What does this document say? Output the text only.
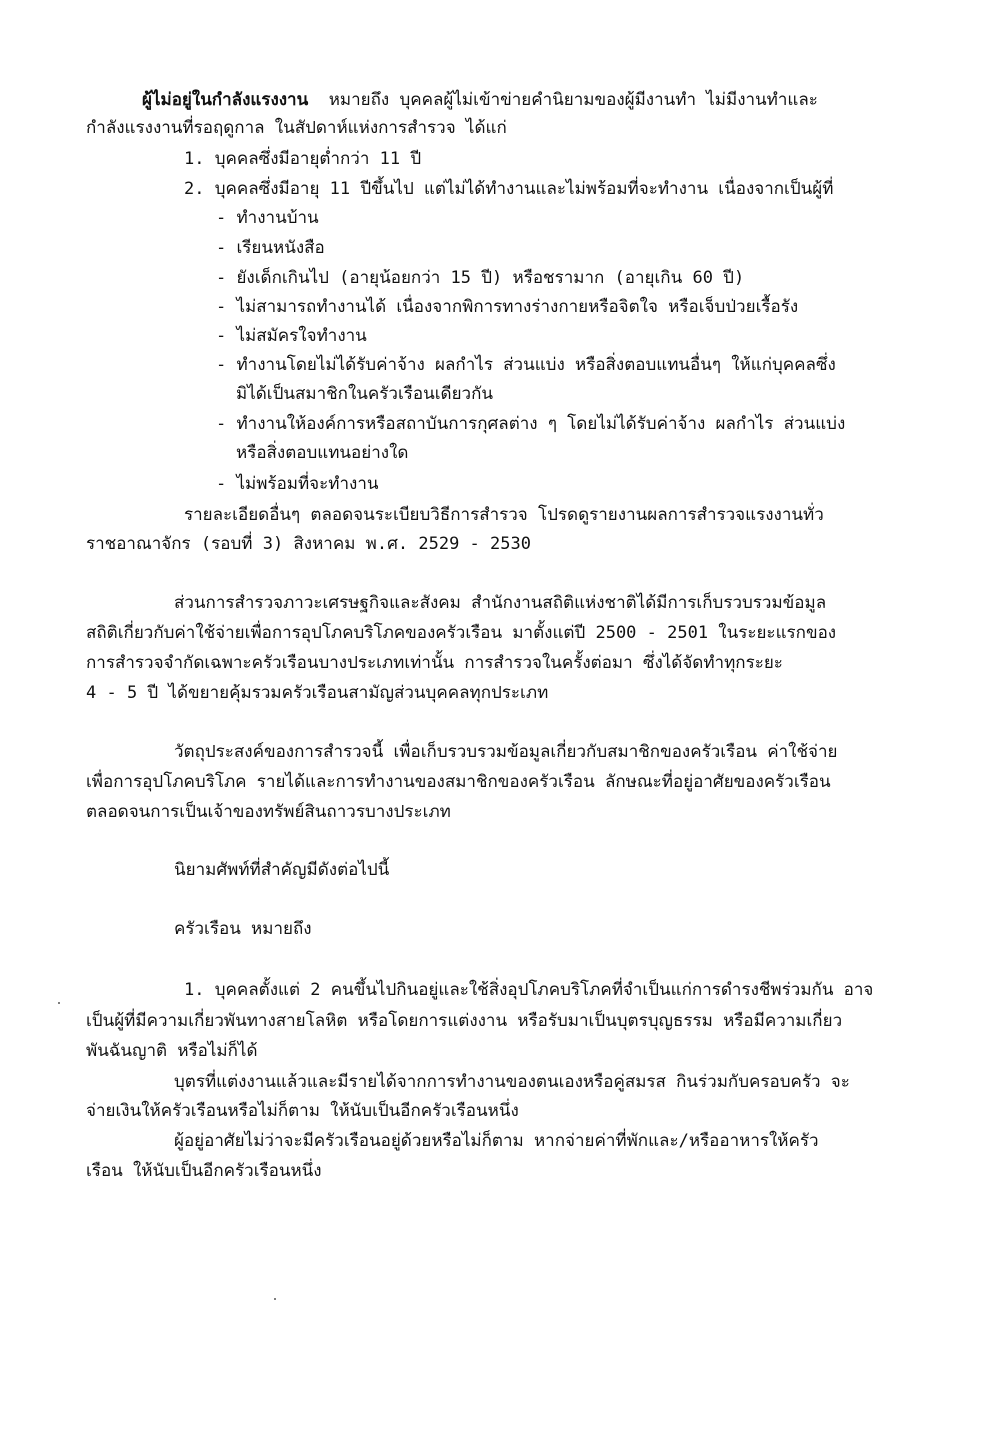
ผู้ไม่อยู่ในกำลังแรงงาน หมายถึง บุคคลผู้ไม่เข้าข่ายคำนิยามของผู้มีงานทำ ไม่มีงานทำและ
กำลังแรงงานที่รอฤดูกาล ในสัปดาห์แห่งการสำรวจ ได้แก่
1. บุคคลซึ่งมีอายุต่ำกว่า 11 ปี
2. บุคคลซึ่งมีอายุ 11 ปีขึ้นไป แต่ไม่ได้ทำงานและไม่พร้อมที่จะทำงาน เนื่องจากเป็นผู้ที่
- ทำงานบ้าน
- เรียนหนังสือ
- ยังเด็กเกินไป (อายุน้อยกว่า 15 ปี) หรือชรามาก (อายุเกิน 60 ปี)
- ไม่สามารถทำงานได้ เนื่องจากพิการทางร่างกายหรือจิตใจ หรือเจ็บป่วยเรื้อรัง
- ไม่สมัครใจทำงาน
- ทำงานโดยไม่ได้รับค่าจ้าง ผลกำไร ส่วนแบ่ง หรือสิ่งตอบแทนอื่นๆ ให้แก่บุคคลซึ่ง
มิได้เป็นสมาชิกในครัวเรือนเดียวกัน
- ทำงานให้องค์การหรือสถาบันการกุศลต่าง ๆ โดยไม่ได้รับค่าจ้าง ผลกำไร ส่วนแบ่ง
หรือสิ่งตอบแทนอย่างใด
- ไม่พร้อมที่จะทำงาน
รายละเอียดอื่นๆ ตลอดจนระเบียบวิธีการสำรวจ โปรดดูรายงานผลการสำรวจแรงงานทั่ว
ราชอาณาจักร (รอบที่ 3) สิงหาคม พ.ศ. 2529 - 2530
ส่วนการสำรวจภาวะเศรษฐกิจและสังคม สำนักงานสถิติแห่งชาติได้มีการเก็บรวบรวมข้อมูล
สถิติเกี่ยวกับค่าใช้จ่ายเพื่อการอุปโภคบริโภคของครัวเรือน มาตั้งแต่ปี 2500 - 2501 ในระยะแรกของ
การสำรวจจำกัดเฉพาะครัวเรือนบางประเภทเท่านั้น การสำรวจในครั้งต่อมา ซึ่งได้จัดทำทุกระยะ
4 - 5 ปี ได้ขยายคุ้มรวมครัวเรือนสามัญส่วนบุคคลทุกประเภท
วัตถุประสงค์ของการสำรวจนี้ เพื่อเก็บรวบรวมข้อมูลเกี่ยวกับสมาชิกของครัวเรือน ค่าใช้จ่าย
เพื่อการอุปโภคบริโภค รายได้และการทำงานของสมาชิกของครัวเรือน ลักษณะที่อยู่อาศัยของครัวเรือน
ตลอดจนการเป็นเจ้าของทรัพย์สินถาวรบางประเภท
นิยามศัพท์ที่สำคัญมีดังต่อไปนี้
ครัวเรือน หมายถึง
1. บุคคลตั้งแต่ 2 คนขึ้นไปกินอยู่และใช้สิ่งอุปโภคบริโภคที่จำเป็นแก่การดำรงชีพร่วมกัน อาจ
เป็นผู้ที่มีความเกี่ยวพันทางสายโลหิต หรือโดยการแต่งงาน หรือรับมาเป็นบุตรบุญธรรม หรือมีความเกี่ยว
พันฉันญาติ หรือไม่ก็ได้
บุตรที่แต่งงานแล้วและมีรายได้จากการทำงานของตนเองหรือคู่สมรส กินร่วมกับครอบครัว จะ
จ่ายเงินให้ครัวเรือนหรือไม่ก็ตาม ให้นับเป็นอีกครัวเรือนหนึ่ง
ผู้อยู่อาศัยไม่ว่าจะมีครัวเรือนอยู่ด้วยหรือไม่ก็ตาม หากจ่ายค่าที่พักและ/หรืออาหารให้ครัว
เรือน ให้นับเป็นอีกครัวเรือนหนึ่ง
